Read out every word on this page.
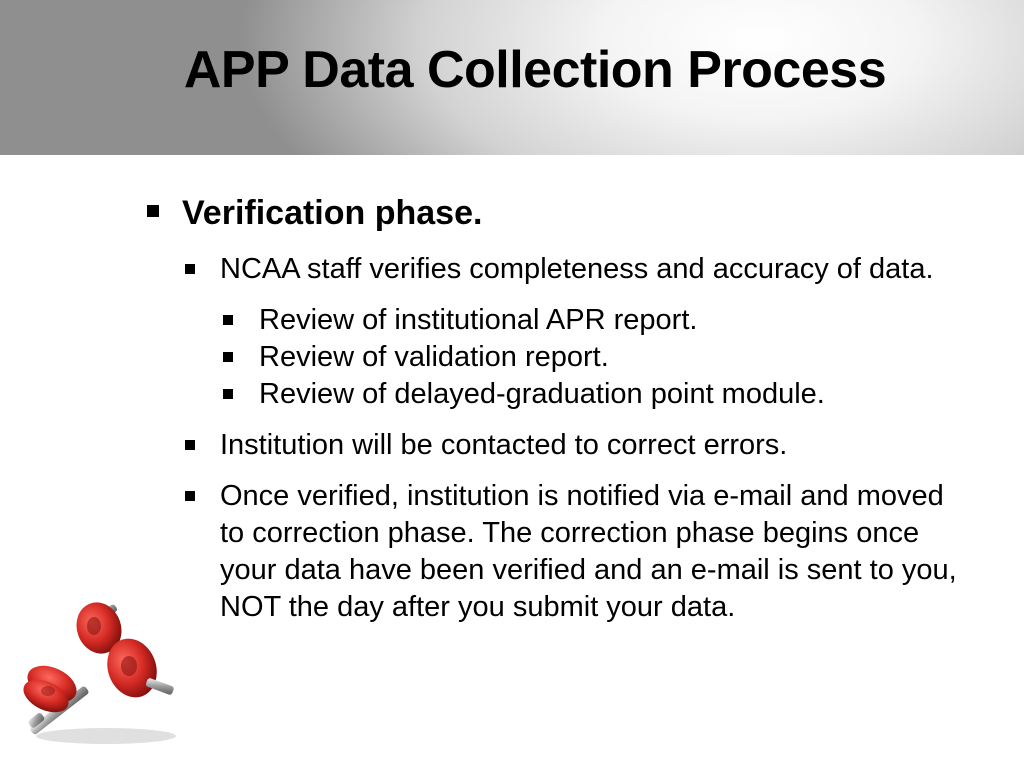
APP Data Collection Process
Verification phase.
NCAA staff verifies completeness and accuracy of data.
Review of institutional APR report.
Review of validation report.
Review of delayed-graduation point module.
Institution will be contacted to correct errors.
Once verified, institution is notified via e-mail and moved to correction phase. The correction phase begins once your data have been verified and an e-mail is sent to you, NOT the day after you submit your data.
